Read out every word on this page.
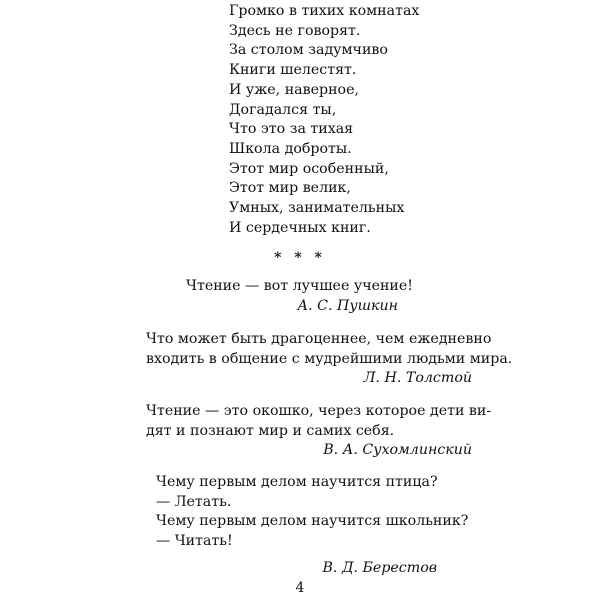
Громко в тихих комнатах
Здесь не говорят.
За столом задумчиво
Книги шелестят.
И уже, наверное,
Догадался ты,
Что это за тихая
Школа доброты.
Этот мир особенный,
Этот мир велик,
Умных, занимательных
И сердечных книг.
* * *
Чтение — вот лучшее учение!
А. С. Пушкин
Что может быть драгоценнее, чем ежедневно
входить в общение с мудрейшими людьми мира.
Л. Н. Толстой
Чтение — это окошко, через которое дети ви-
дят и познают мир и самих себя.
В. А. Сухомлинский
Чему первым делом научится птица?
— Летать.
Чему первым делом научится школьник?
— Читать!
В. Д. Берестов
4
